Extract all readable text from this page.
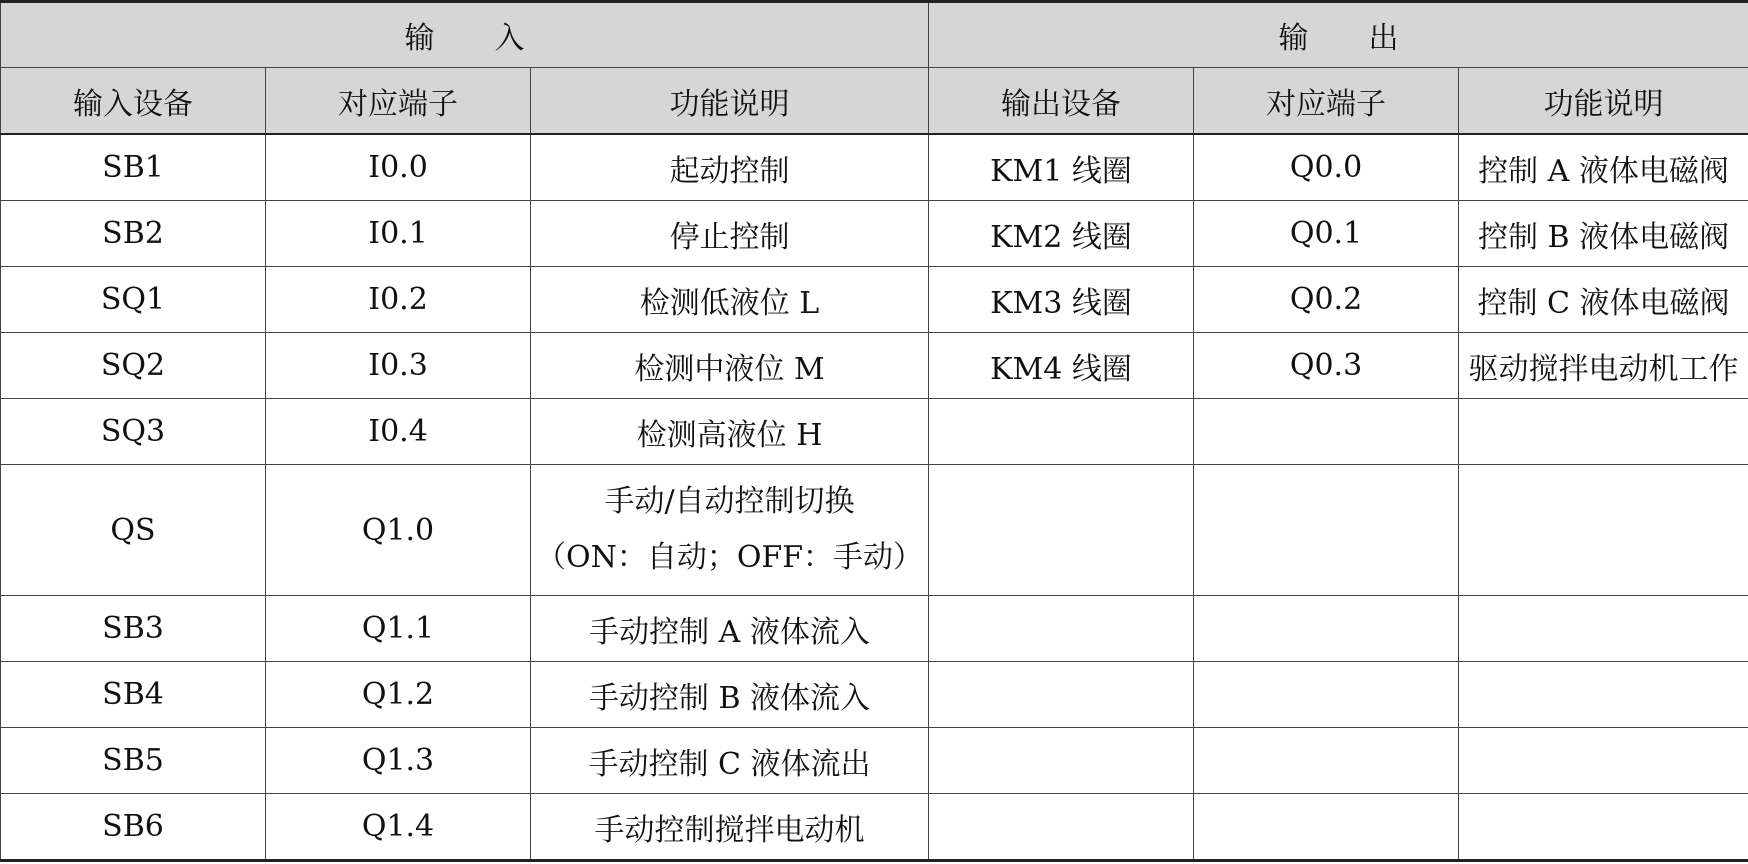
输　　入			输　　出		
输入设备	对应端子	功能说明	输出设备	对应端子	功能说明
SB1	I0.0	起动控制	KM1 线圈	Q0.0	控制 A 液体电磁阀
SB2	I0.1	停止控制	KM2 线圈	Q0.1	控制 B 液体电磁阀
SQ1	I0.2	检测低液位 L	KM3 线圈	Q0.2	控制 C 液体电磁阀
SQ2	I0.3	检测中液位 M	KM4 线圈	Q0.3	驱动搅拌电动机工作
SQ3	I0.4	检测高液位 H			
QS	Q1.0	手动/自动控制切换
（ON：自动；OFF：手动）			

SB3	Q1.1	手动控制 A 液体流入			
SB4	Q1.2	手动控制 B 液体流入			
SB5	Q1.3	手动控制 C 液体流出			
SB6	Q1.4	手动控制搅拌电动机			
